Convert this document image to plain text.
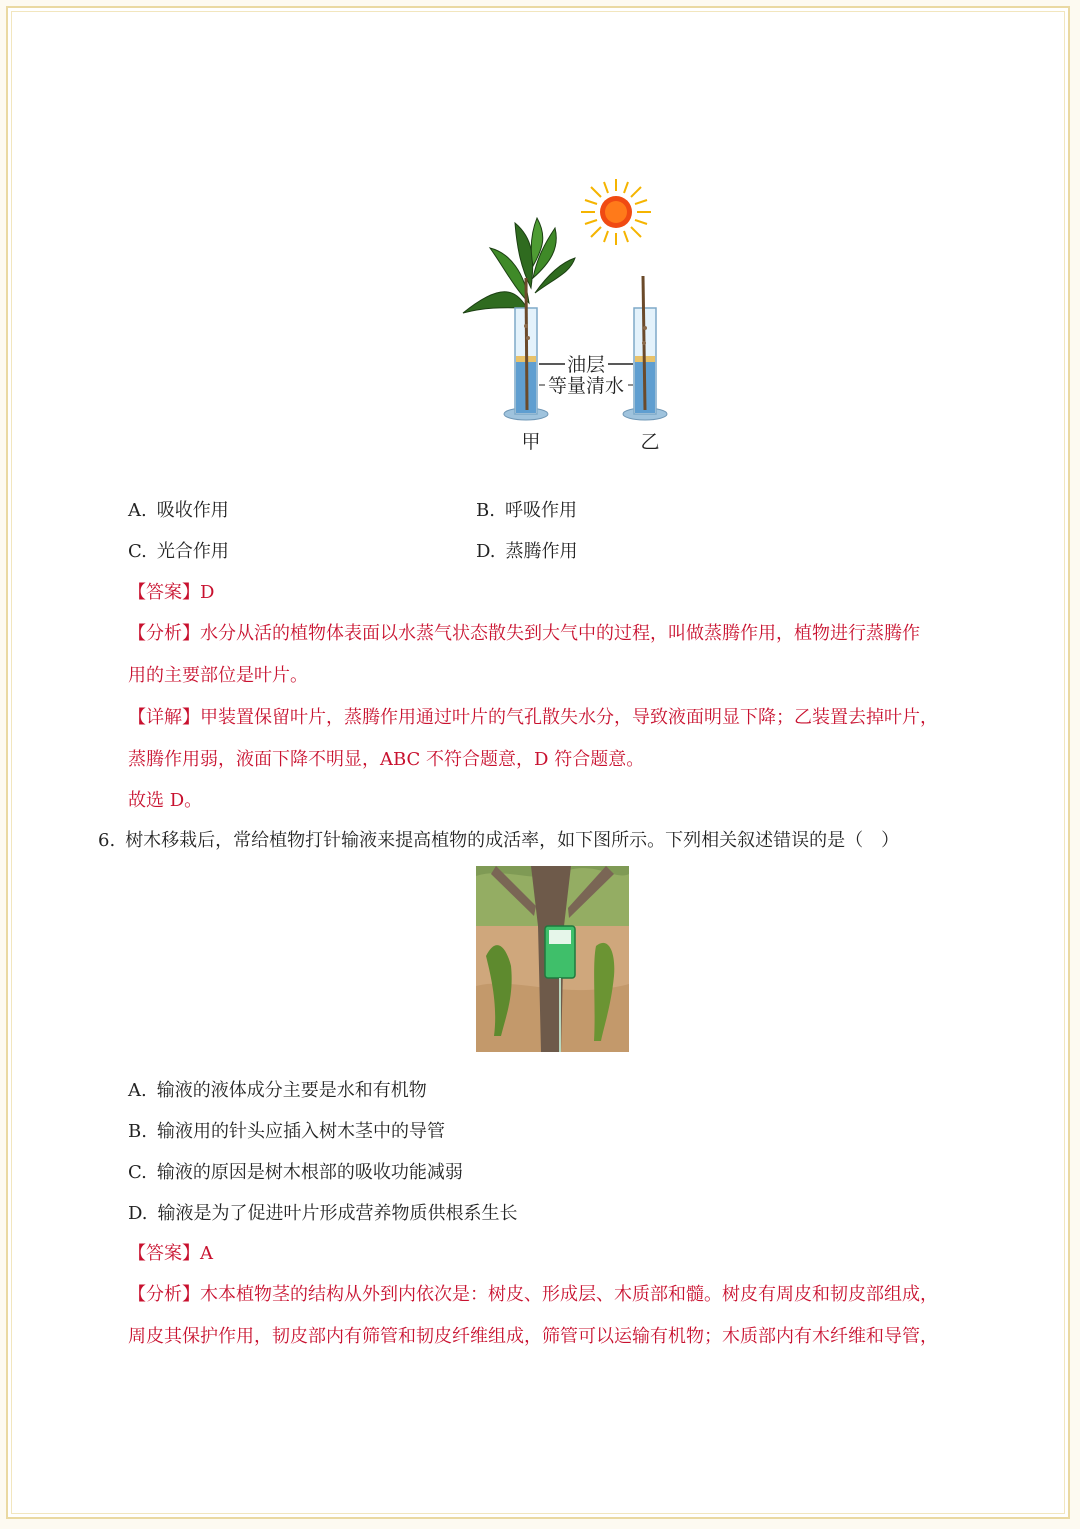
油层
等量清水
甲	乙
A. 吸收作用	B. 呼吸作用
C. 光合作用	D. 蒸腾作用
【答案】D
【分析】水分从活的植物体表面以水蒸气状态散失到大气中的过程，叫做蒸腾作用，植物进行蒸腾作
用的主要部位是叶片。
【详解】甲装置保留叶片，蒸腾作用通过叶片的气孔散失水分，导致液面明显下降；乙装置去掉叶片，
蒸腾作用弱，液面下降不明显，ABC 不符合题意，D 符合题意。
故选 D。
6. 树木移栽后，常给植物打针输液来提高植物的成活率，如下图所示。下列相关叙述错误的是（　）
A. 输液的液体成分主要是水和有机物
B. 输液用的针头应插入树木茎中的导管
C. 输液的原因是树木根部的吸收功能减弱
D. 输液是为了促进叶片形成营养物质供根系生长
【答案】A
【分析】木本植物茎的结构从外到内依次是：树皮、形成层、木质部和髓。树皮有周皮和韧皮部组成，
周皮其保护作用，韧皮部内有筛管和韧皮纤维组成，筛管可以运输有机物；木质部内有木纤维和导管，
